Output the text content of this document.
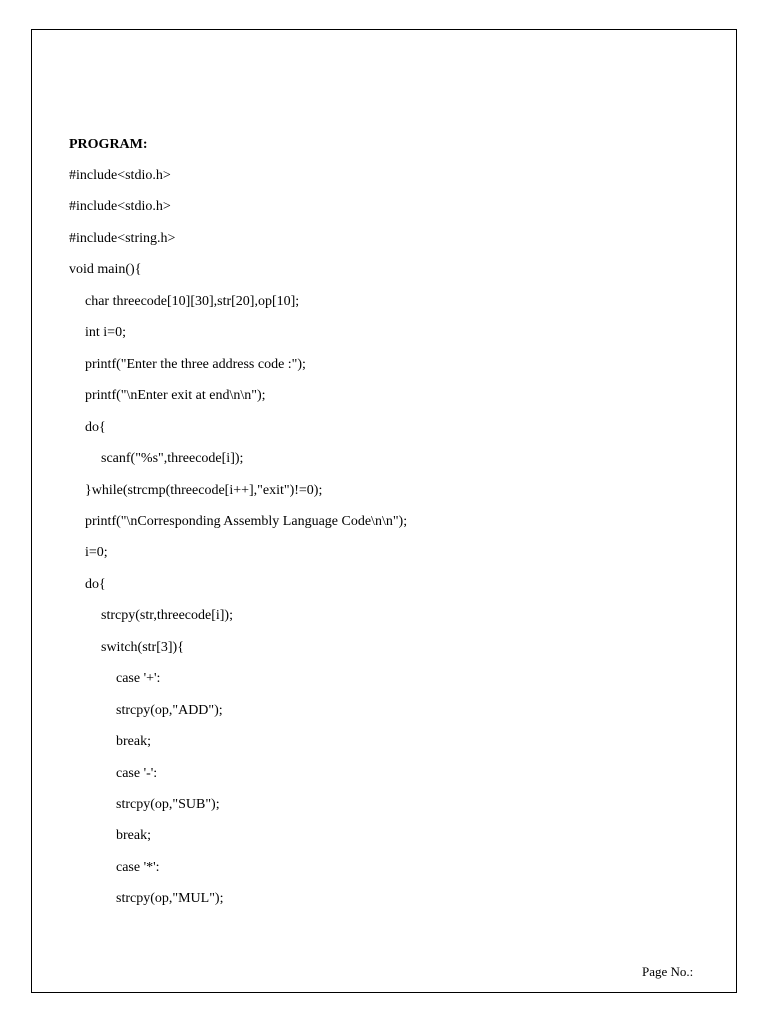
PROGRAM:
#include<stdio.h>
#include<stdio.h>
#include<string.h>
void main(){
char threecode[10][30],str[20],op[10];
int i=0;
printf("Enter the three address code :");
printf("\nEnter exit at end\n\n");
do{
scanf("%s",threecode[i]);
}while(strcmp(threecode[i++],"exit")!=0);
printf("\nCorresponding Assembly Language Code\n\n");
i=0;
do{
strcpy(str,threecode[i]);
switch(str[3]){
case '+':
strcpy(op,"ADD");
break;
case '-':
strcpy(op,"SUB");
break;
case '*':
strcpy(op,"MUL");
Page No.:
